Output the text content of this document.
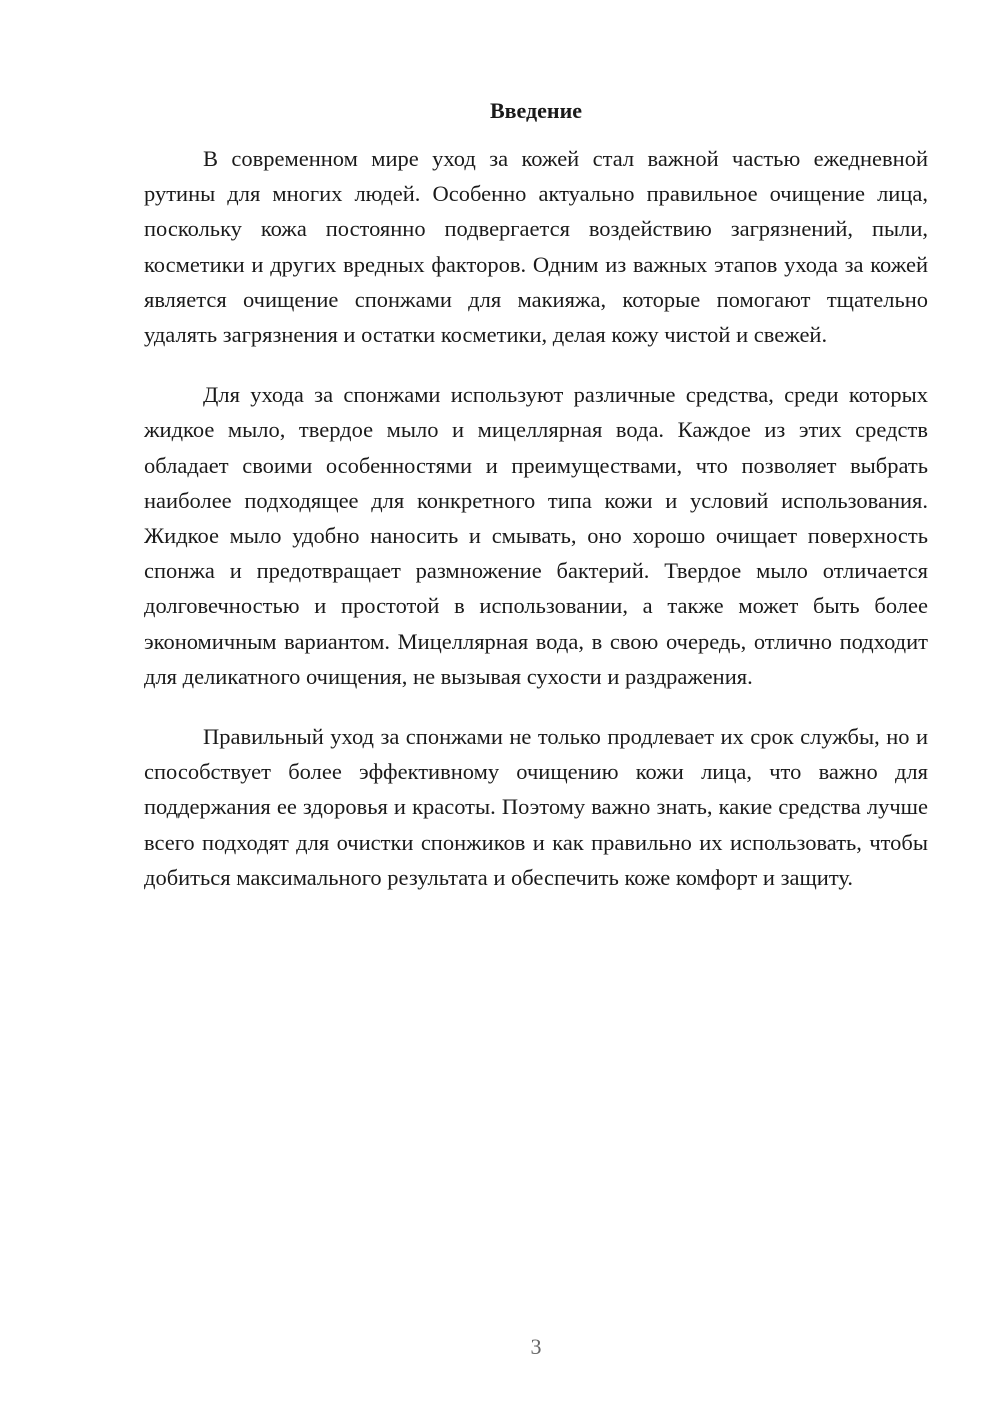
Введение

В современном мире уход за кожей стал важной частью ежедневной рутины для многих людей. Особенно актуально правильное очищение лица, поскольку кожа постоянно подвергается воздействию загрязнений, пыли, косметики и других вредных факторов. Одним из важных этапов ухода за кожей является очищение спонжами для макияжа, которые помогают тщательно удалять загрязнения и остатки косметики, делая кожу чистой и свежей.

Для ухода за спонжами используют различные средства, среди которых жидкое мыло, твердое мыло и мицеллярная вода. Каждое из этих средств обладает своими особенностями и преимуществами, что позволяет выбрать наиболее подходящее для конкретного типа кожи и условий использования. Жидкое мыло удобно наносить и смывать, оно хорошо очищает поверхность спонжа и предотвращает размножение бактерий. Твердое мыло отличается долговечностью и простотой в использовании, а также может быть более экономичным вариантом. Мицеллярная вода, в свою очередь, отлично подходит для деликатного очищения, не вызывая сухости и раздражения.

Правильный уход за спонжами не только продлевает их срок службы, но и способствует более эффективному очищению кожи лица, что важно для поддержания ее здоровья и красоты. Поэтому важно знать, какие средства лучше всего подходят для очистки спонжиков и как правильно их использовать, чтобы добиться максимального результата и обеспечить коже комфорт и защиту.

3
